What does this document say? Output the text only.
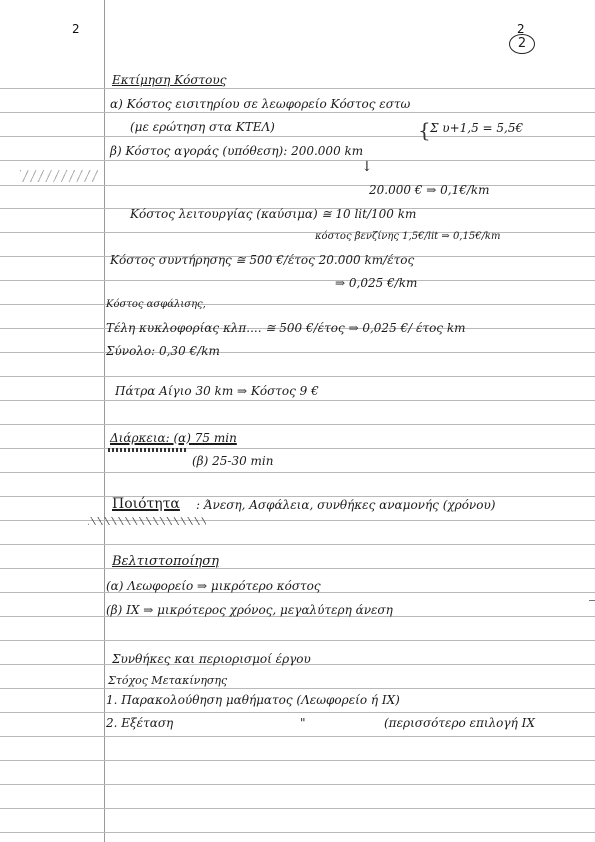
2	2
2
Εκτίμηση Κόστους
α) Κόστος εισιτηρίου σε λεωφορείο Κόστος εστω
(με ερώτηση στα ΚΤΕΛ)	{ Σ υ+1,5 = 5,5€
β) Κόστος αγοράς (υπόθεση): 200.000 km
↓
20.000 € ⇒ 0,1€/km
Κόστος λειτουργίας (καύσιμα) ≅ 10 lit/100 km
κόστος βενζίνης 1,5€/lit ⇒ 0,15€/km
Κόστος συντήρησης ≅ 500 €/έτος 20.000 km/έτος
⇒ 0,025 €/km
Κόστος ασφάλισης,
Τέλη κυκλοφορίας κλπ.... ≅ 500 €/έτος ⇒ 0,025 €/ έτος km
Σύνολο: 0,30 €/km
Πάτρα Αίγιο 30 km ⇒ Κόστος 9 €
Διάρκεια: (α) 75 min
(β) 25-30 min
Ποιότητα : Άνεση, Ασφάλεια, συνθήκες αναμονής (χρόνου)
Βελτιστοποίηση
(α) Λεωφορείο ⇒ μικρότερο κόστος
(β) ΙΧ ⇒ μικρότερος χρόνος, μεγαλύτερη άνεση
Συνθήκες και περιορισμοί έργου
Στόχος Μετακίνησης
1. Παρακολούθηση μαθήματος (Λεωφορείο ή ΙΧ)
2. Εξέταση	"	(περισσότερο επιλογή ΙΧ
